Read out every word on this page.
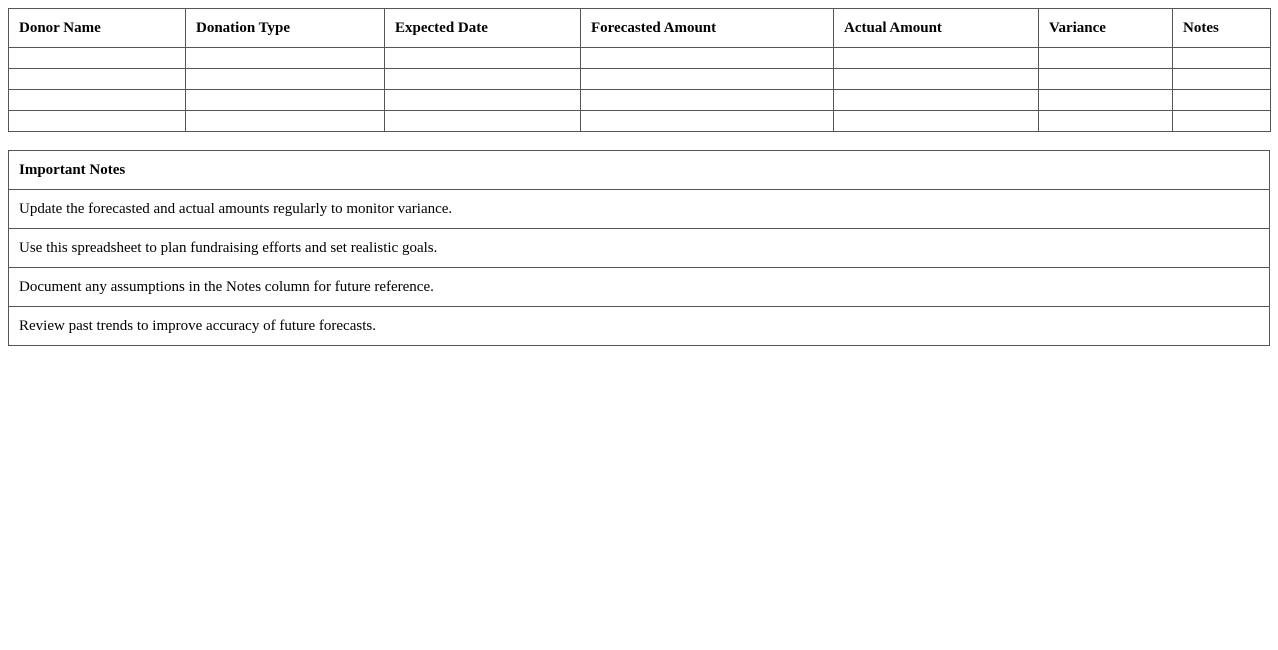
Donor Name	Donation Type	Expected Date	Forecasted Amount	Actual Amount	Variance	Notes

Important Notes
Update the forecasted and actual amounts regularly to monitor variance.
Use this spreadsheet to plan fundraising efforts and set realistic goals.
Document any assumptions in the Notes column for future reference.
Review past trends to improve accuracy of future forecasts.
